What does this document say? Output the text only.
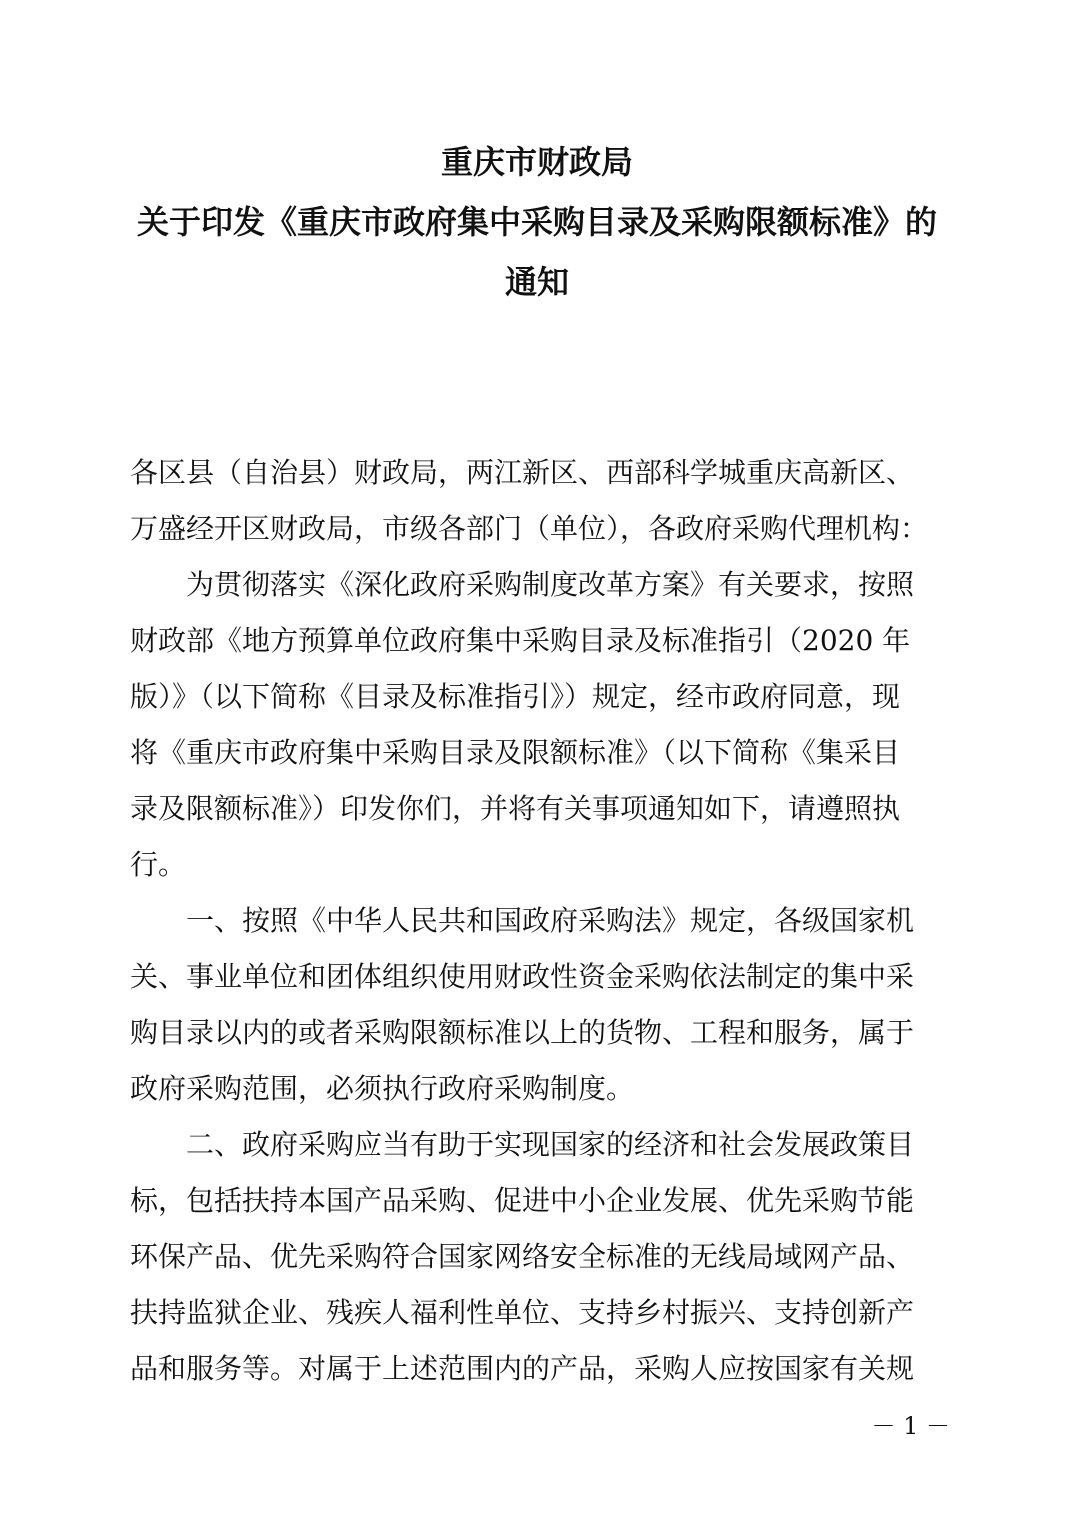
重庆市财政局
关于印发《重庆市政府集中采购目录及采购限额标准》的
通知
各区县（自治县）财政局，两江新区、西部科学城重庆高新区、
万盛经开区财政局，市级各部门（单位），各政府采购代理机构：
　　为贯彻落实《深化政府采购制度改革方案》有关要求，按照
财政部《地方预算单位政府集中采购目录及标准指引（2020 年
版）》（以下简称《目录及标准指引》）规定，经市政府同意，现
将《重庆市政府集中采购目录及限额标准》（以下简称《集采目
录及限额标准》）印发你们，并将有关事项通知如下，请遵照执
行。
　　一、按照《中华人民共和国政府采购法》规定，各级国家机
关、事业单位和团体组织使用财政性资金采购依法制定的集中采
购目录以内的或者采购限额标准以上的货物、工程和服务，属于
政府采购范围，必须执行政府采购制度。
　　二、政府采购应当有助于实现国家的经济和社会发展政策目
标，包括扶持本国产品采购、促进中小企业发展、优先采购节能
环保产品、优先采购符合国家网络安全标准的无线局域网产品、
扶持监狱企业、残疾人福利性单位、支持乡村振兴、支持创新产
品和服务等。对属于上述范围内的产品，采购人应按国家有关规
－ 1 －
